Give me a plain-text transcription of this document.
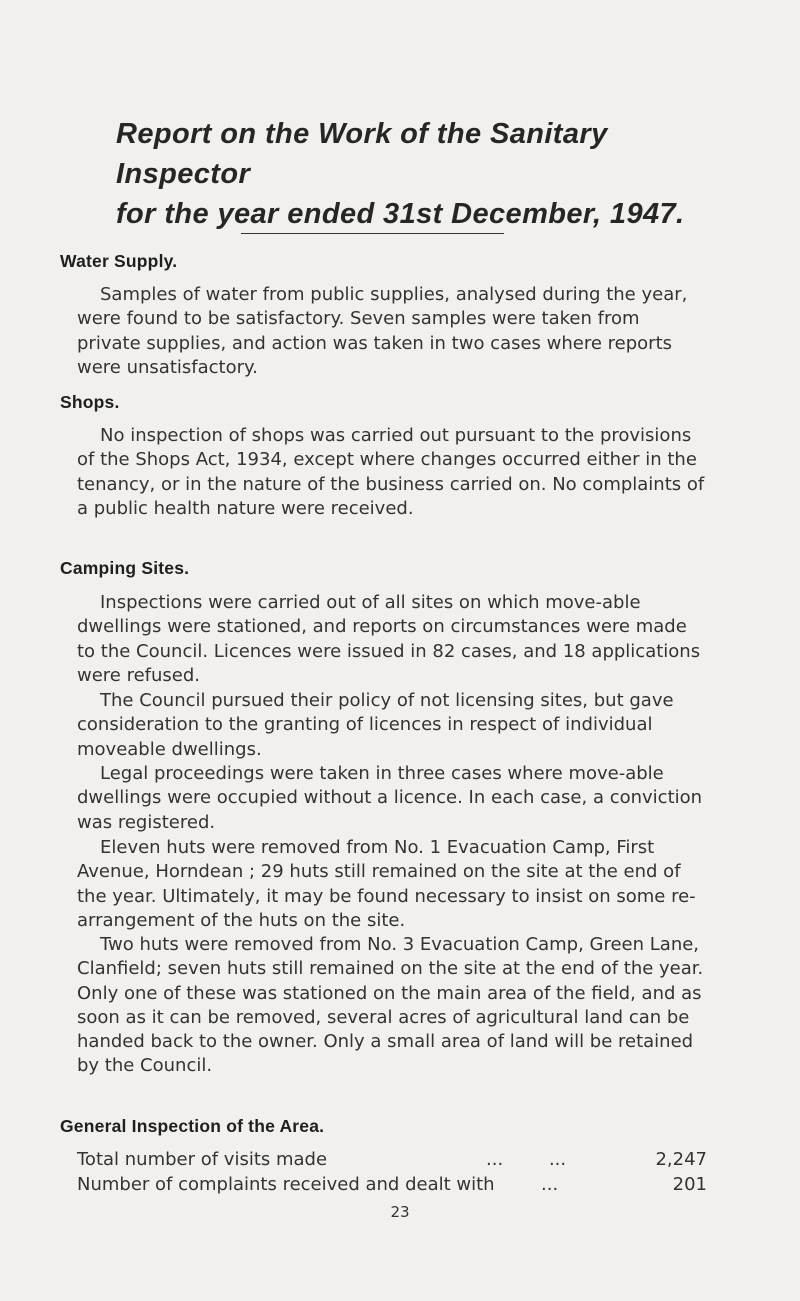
Report on the Work of the Sanitary Inspector
for the year ended 31st December, 1947.
Water Supply.

Samples of water from public supplies, analysed during the year, were found to be satisfactory. Seven samples were taken from private supplies, and action was taken in two cases where reports were unsatisfactory.

Shops.

No inspection of shops was carried out pursuant to the provisions of the Shops Act, 1934, except where changes occurred either in the tenancy, or in the nature of the business carried on. No complaints of a public health nature were received.

Camping Sites.

Inspections were carried out of all sites on which move-able dwellings were stationed, and reports on circumstances were made to the Council. Licences were issued in 82 cases, and 18 applications were refused.

The Council pursued their policy of not licensing sites, but gave consideration to the granting of licences in respect of individual moveable dwellings.

Legal proceedings were taken in three cases where move-able dwellings were occupied without a licence. In each case, a conviction was registered.

Eleven huts were removed from No. 1 Evacuation Camp, First Avenue, Horndean ; 29 huts still remained on the site at the end of the year. Ultimately, it may be found necessary to insist on some re-arrangement of the huts on the site.

Two huts were removed from No. 3 Evacuation Camp, Green Lane, Clanfield; seven huts still remained on the site at the end of the year. Only one of these was stationed on the main area of the field, and as soon as it can be removed, several acres of agricultural land can be handed back to the owner. Only a small area of land will be retained by the Council.

General Inspection of the Area.
Total number of visits made	...        ...	2,247
Number of complaints received and dealt with	...	201
23
